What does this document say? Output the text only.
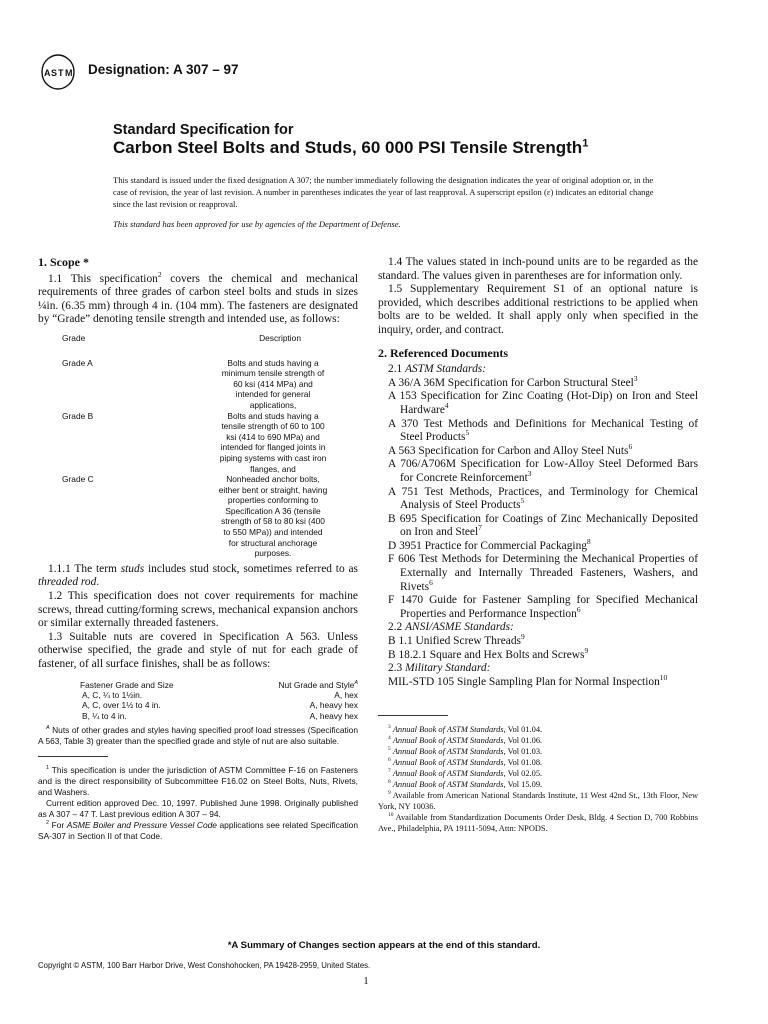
A S T M Designation: A 307 – 97
Standard Specification for
Carbon Steel Bolts and Studs, 60 000 PSI Tensile Strength$^1$
This standard is issued under the fixed designation A 307; the number immediately following the designation indicates the year of original adoption or, in the case of revision, the year of last revision. A number in parentheses indicates the year of last reapproval. A superscript epsilon (ε) indicates an editorial change since the last revision or reapproval.
This standard has been approved for use by agencies of the Department of Defense.
1. Scope *

1.1 This specification$^2$ covers the chemical and mechanical requirements of three grades of carbon steel bolts and studs in sizes ¼in. (6.35 mm) through 4 in. (104 mm). The fasteners are designated by “Grade” denoting tensile strength and intended use, as follows:

Grade	Description
Grade A	Bolts and studs having a minimum tensile strength of 60 ksi (414 MPa) and intended for general applications,
Grade B	Bolts and studs having a tensile strength of 60 to 100 ksi (414 to 690 MPa) and intended for flanged joints in piping systems with cast iron flanges, and
Grade C	Nonheaded anchor bolts, either bent or straight, having properties conforming to Specification A 36 (tensile strength of 58 to 80 ksi (400 to 550 MPa)) and intended for structural anchorage purposes.

1.1.1 The term studs includes stud stock, sometimes referred to as threaded rod.

1.2 This specification does not cover requirements for machine screws, thread cutting/forming screws, mechanical expansion anchors or similar externally threaded fasteners.

1.3 Suitable nuts are covered in Specification A 563. Unless otherwise specified, the grade and style of nut for each grade of fastener, of all surface finishes, shall be as follows:

Fastener Grade and Size	Nut Grade and Style$^A$
A, C, ¼ to 1½in.	A, hex
A, C, over 1½ to 4 in.	A, heavy hex
B, ¼ to 4 in.	A, heavy hex
$^A$ Nuts of other grades and styles having specified proof load stresses (Specification A 563, Table 3) greater than the specified grade and style of nut are also suitable.

$^1$ This specification is under the jurisdiction of ASTM Committee F-16 on Fasteners and is the direct responsibility of Subcommittee F16.02 on Steel Bolts, Nuts, Rivets, and Washers.

Current edition approved Dec. 10, 1997. Published June 1998. Originally published as A 307 – 47 T. Last previous edition A 307 – 94.

$^2$ For ASME Boiler and Pressure Vessel Code applications see related Specification SA-307 in Section II of that Code.

1.4 The values stated in inch-pound units are to be regarded as the standard. The values given in parentheses are for information only.

1.5 Supplementary Requirement S1 of an optional nature is provided, which describes additional restrictions to be applied when bolts are to be welded. It shall apply only when specified in the inquiry, order, and contract.

2. Referenced Documents

2.1 ASTM Standards:

A 36/A 36M Specification for Carbon Structural Steel$^3$

A 153 Specification for Zinc Coating (Hot-Dip) on Iron and Steel Hardware$^4$

A 370 Test Methods and Definitions for Mechanical Testing of Steel Products$^5$

A 563 Specification for Carbon and Alloy Steel Nuts$^6$

A 706/A706M Specification for Low-Alloy Steel Deformed Bars for Concrete Reinforcement$^3$

A 751 Test Methods, Practices, and Terminology for Chemical Analysis of Steel Products$^5$

B 695 Specification for Coatings of Zinc Mechanically Deposited on Iron and Steel$^7$

D 3951 Practice for Commercial Packaging$^8$

F 606 Test Methods for Determining the Mechanical Properties of Externally and Internally Threaded Fasteners, Washers, and Rivets$^6$

F 1470 Guide for Fastener Sampling for Specified Mechanical Properties and Performance Inspection$^6$

2.2 ANSI/ASME Standards:

B 1.1 Unified Screw Threads$^9$

B 18.2.1 Square and Hex Bolts and Screws$^9$

2.3 Military Standard:

MIL-STD 105 Single Sampling Plan for Normal Inspection$^{10}$

$^3$ Annual Book of ASTM Standards, Vol 01.04.

$^4$ Annual Book of ASTM Standards, Vol 01.06.

$^5$ Annual Book of ASTM Standards, Vol 01.03.

$^6$ Annual Book of ASTM Standards, Vol 01.08.

$^7$ Annual Book of ASTM Standards, Vol 02.05.

$^8$ Annual Book of ASTM Standards, Vol 15.09.

$^9$ Available from American National Standards Institute, 11 West 42nd St., 13th Floor, New York, NY 10036.

$^{10}$ Available from Standardization Documents Order Desk, Bldg. 4 Section D, 700 Robbins Ave., Philadelphia, PA 19111-5094, Attn: NPODS.

*A Summary of Changes section appears at the end of this standard.
Copyright © ASTM, 100 Barr Harbor Drive, West Conshohocken, PA 19428-2959, United States.
1
